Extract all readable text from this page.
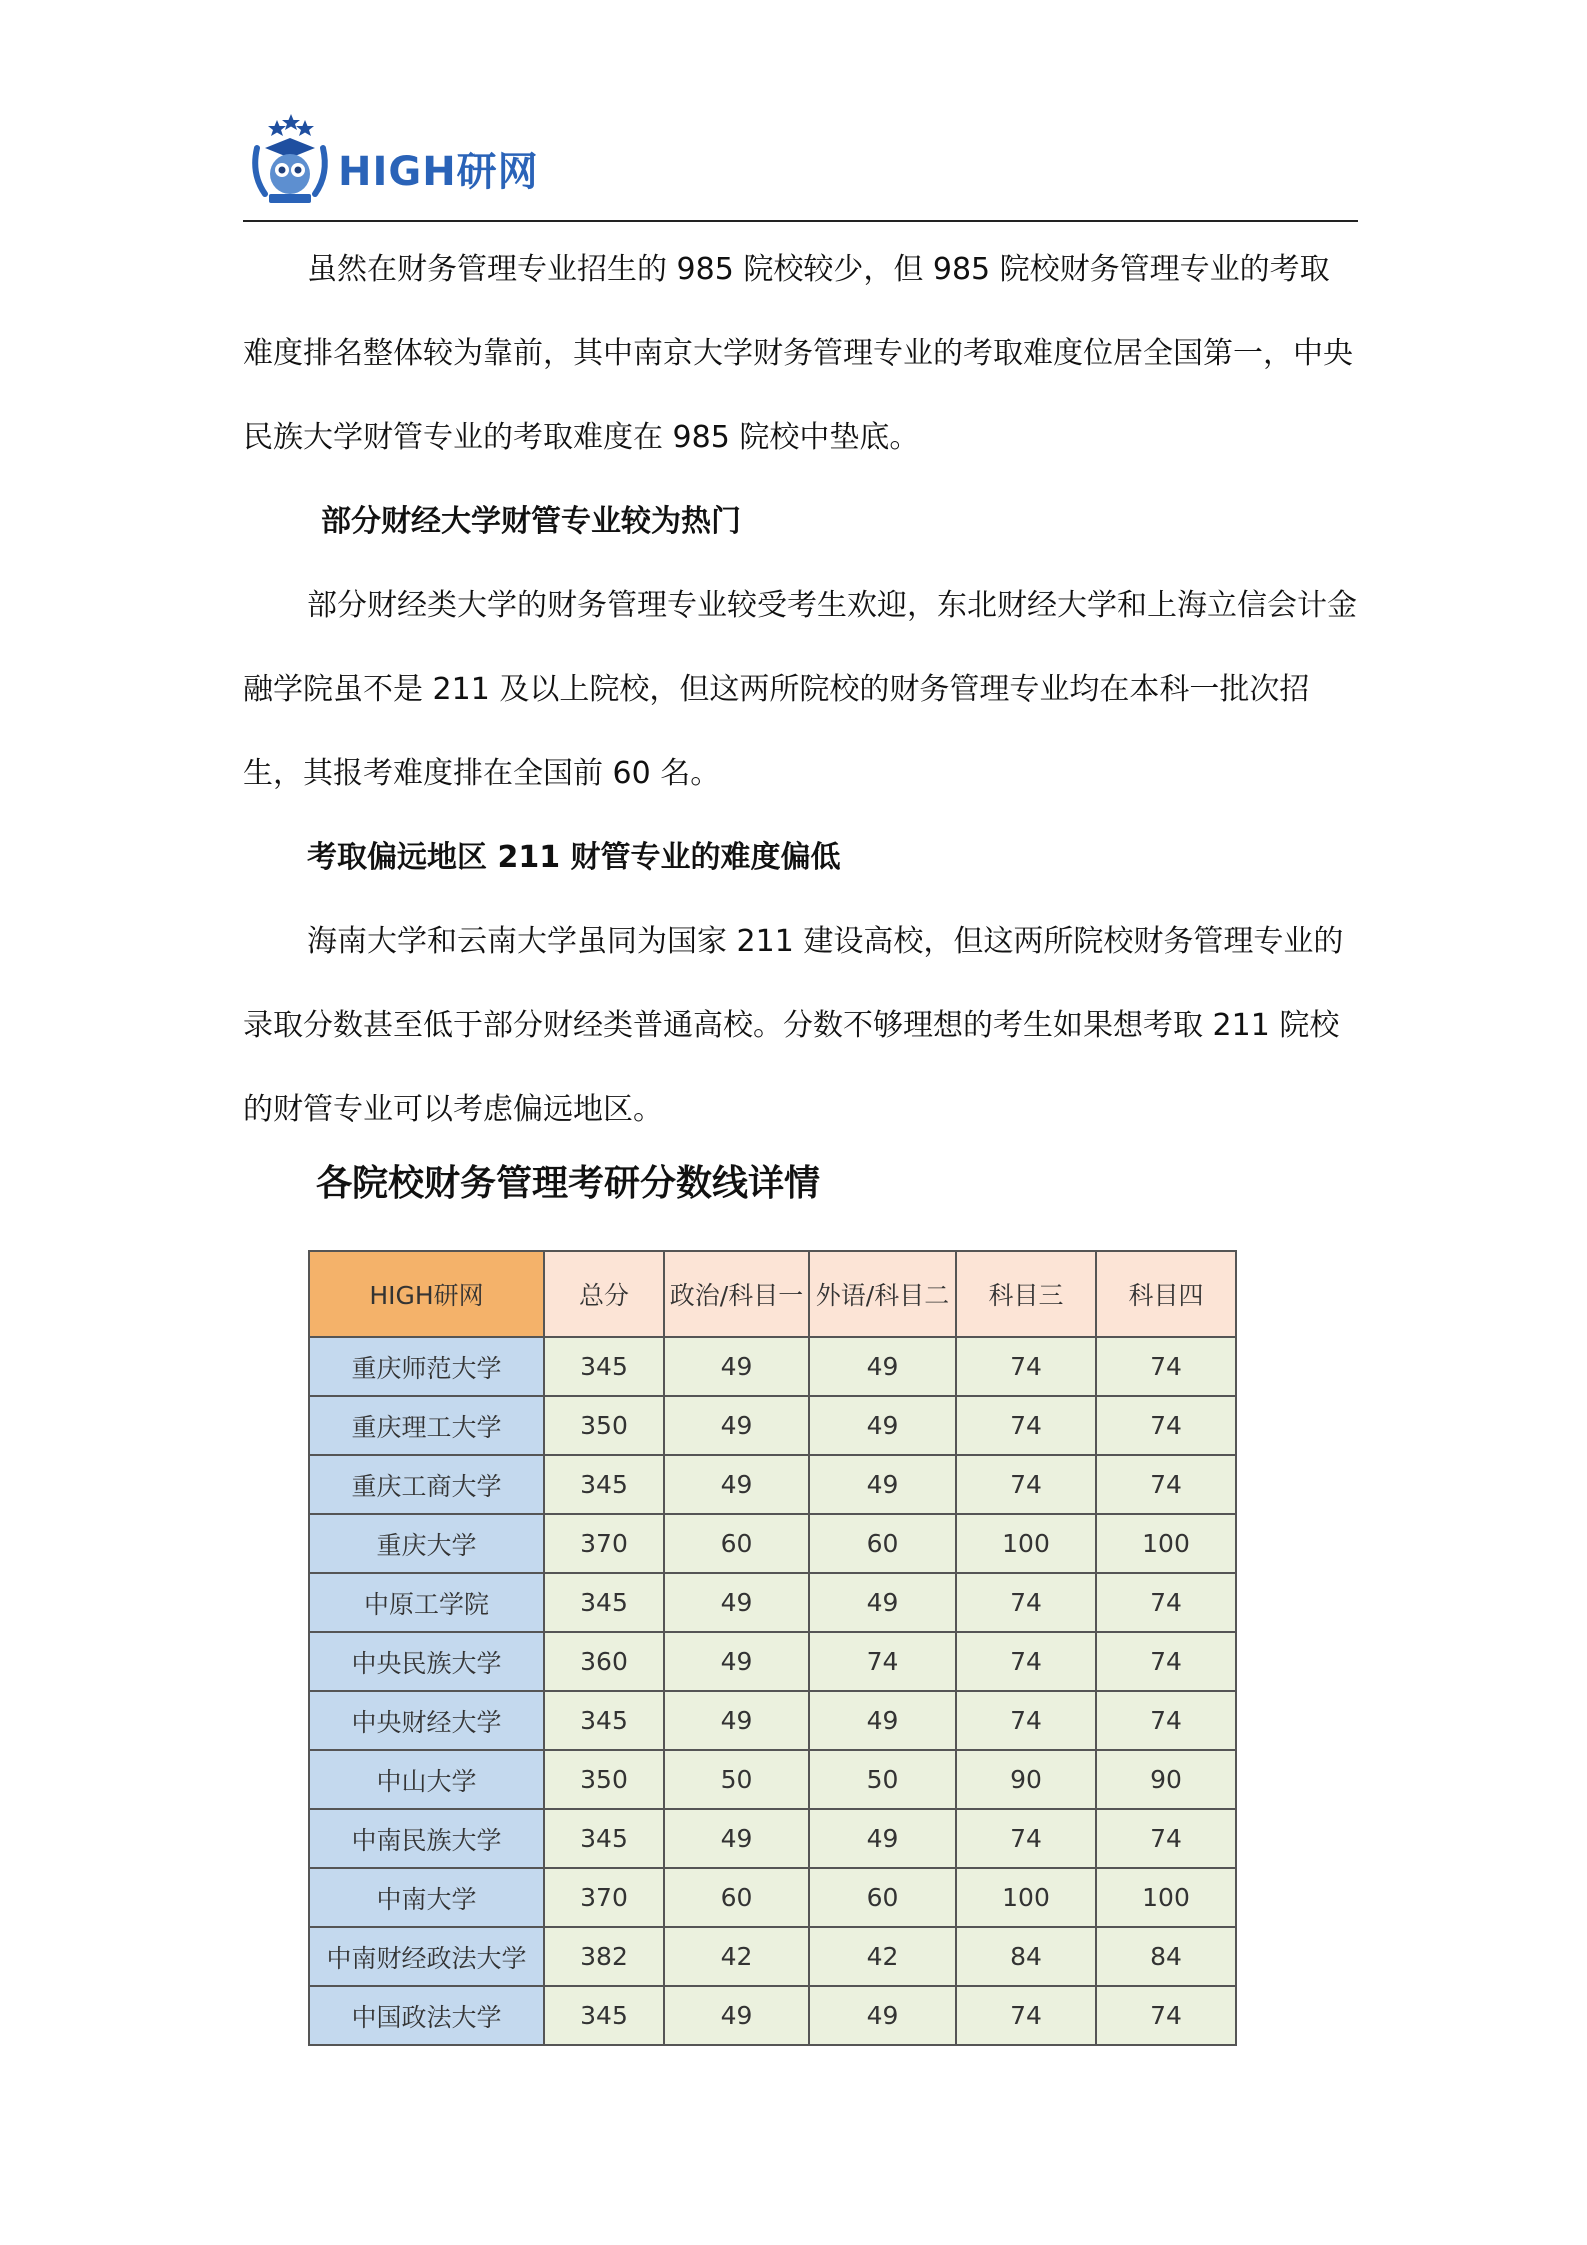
HIGH研网

虽然在财务管理专业招生的 985 院校较少，但 985 院校财务管理专业的考取难度排名整体较为靠前，其中南京大学财务管理专业的考取难度位居全国第一，中央民族大学财管专业的考取难度在 985 院校中垫底。

部分财经大学财管专业较为热门

部分财经类大学的财务管理专业较受考生欢迎，东北财经大学和上海立信会计金融学院虽不是 211 及以上院校，但这两所院校的财务管理专业均在本科一批次招生，其报考难度排在全国前 60 名。

考取偏远地区 211 财管专业的难度偏低

海南大学和云南大学虽同为国家 211 建设高校，但这两所院校财务管理专业的录取分数甚至低于部分财经类普通高校。分数不够理想的考生如果想考取 211 院校的财管专业可以考虑偏远地区。

各院校财务管理考研分数线详情
HIGH研网	总分	政治/科目一	外语/科目二	科目三	科目四
重庆师范大学	345	49	49	74	74
重庆理工大学	350	49	49	74	74
重庆工商大学	345	49	49	74	74
重庆大学	370	60	60	100	100
中原工学院	345	49	49	74	74
中央民族大学	360	49	74	74	74
中央财经大学	345	49	49	74	74
中山大学	350	50	50	90	90
中南民族大学	345	49	49	74	74
中南大学	370	60	60	100	100
中南财经政法大学	382	42	42	84	84
中国政法大学	345	49	49	74	74
